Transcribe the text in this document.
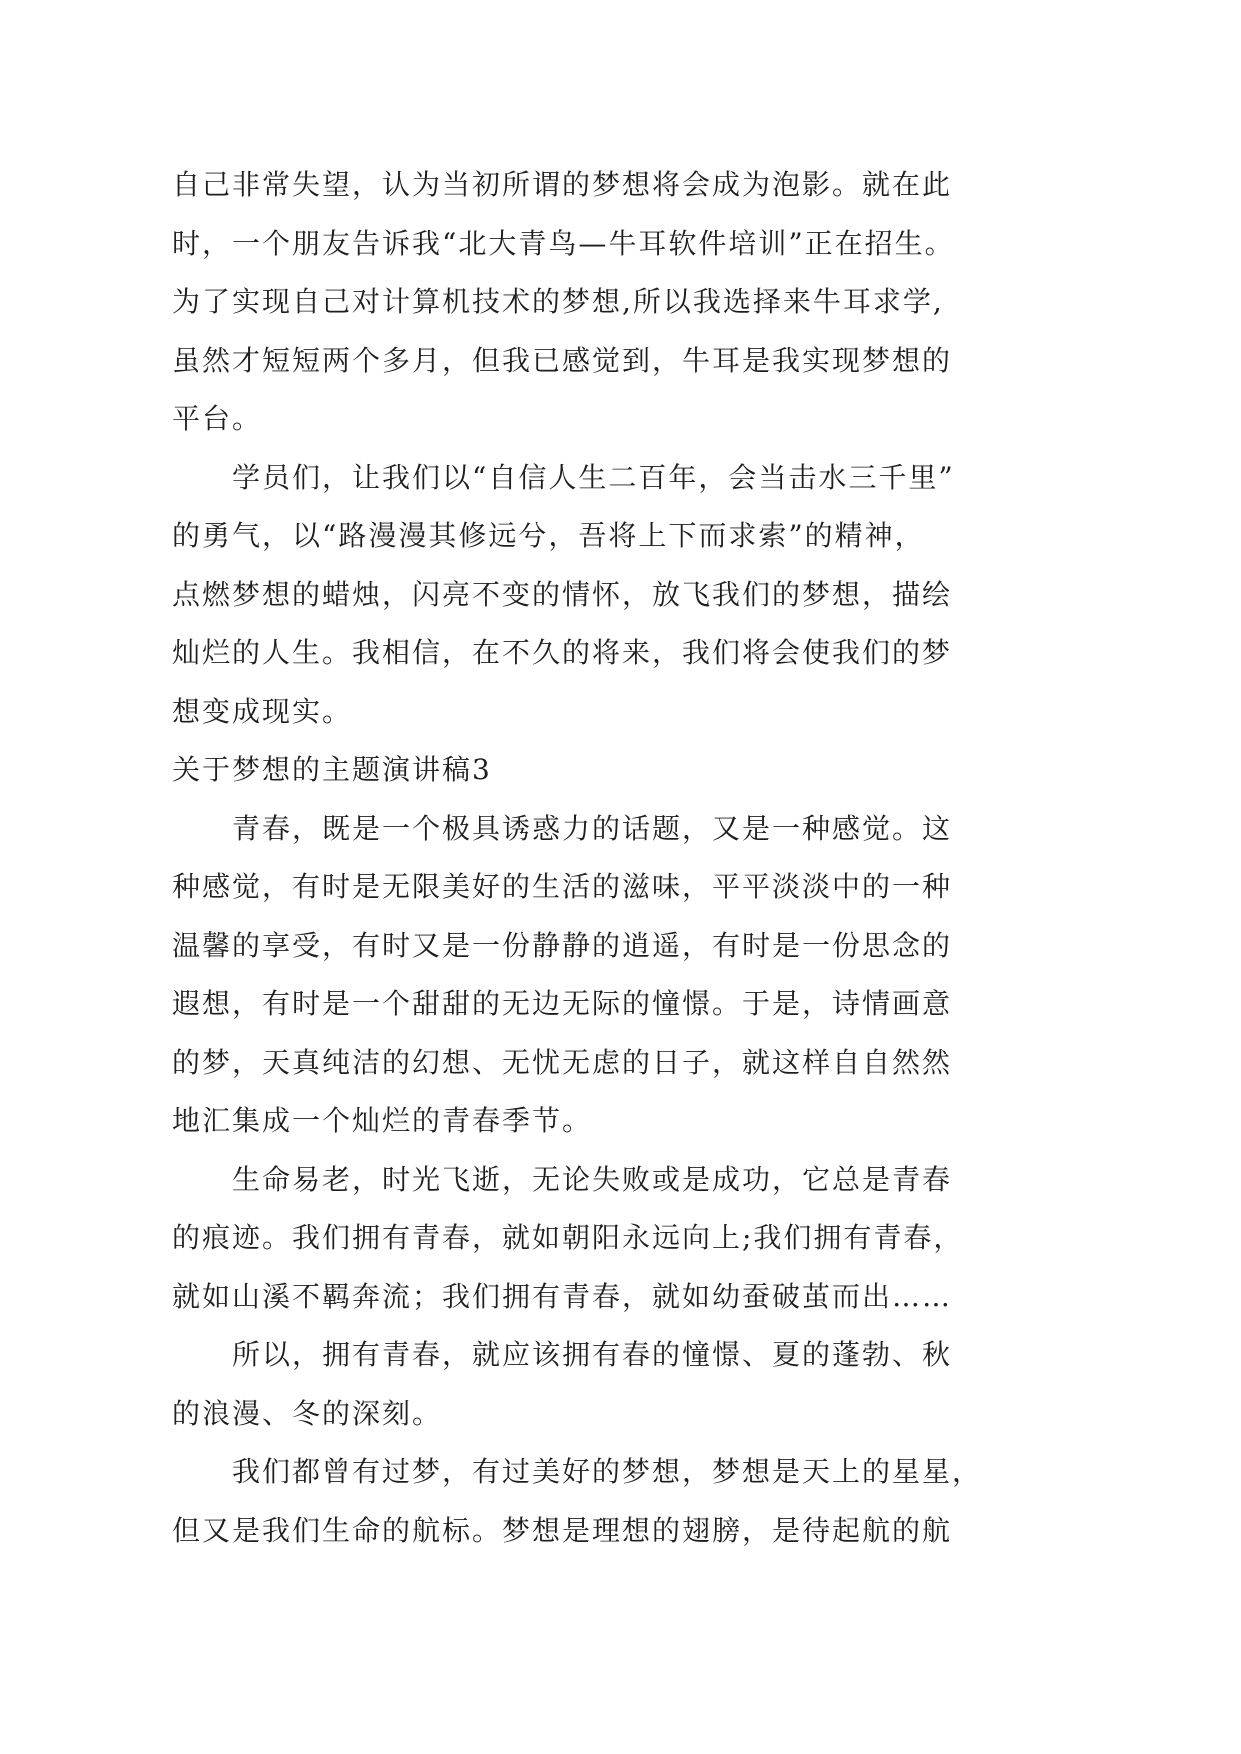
自己非常失望，认为当初所谓的梦想将会成为泡影。就在此
时，一个朋友告诉我“北大青鸟—牛耳软件培训”正在招生。
为了实现自己对计算机技术的梦想,所以我选择来牛耳求学,
虽然才短短两个多月，但我已感觉到，牛耳是我实现梦想的
平台。
学员们，让我们以“自信人生二百年，会当击水三千里”
的勇气，以“路漫漫其修远兮，吾将上下而求索”的精神，
点燃梦想的蜡烛，闪亮不变的情怀，放飞我们的梦想，描绘
灿烂的人生。我相信，在不久的将来，我们将会使我们的梦
想变成现实。
关于梦想的主题演讲稿3
青春，既是一个极具诱惑力的话题，又是一种感觉。这
种感觉，有时是无限美好的生活的滋味，平平淡淡中的一种
温馨的享受，有时又是一份静静的逍遥，有时是一份思念的
遐想，有时是一个甜甜的无边无际的憧憬。于是，诗情画意
的梦，天真纯洁的幻想、无忧无虑的日子，就这样自自然然
地汇集成一个灿烂的青春季节。
生命易老，时光飞逝，无论失败或是成功，它总是青春
的痕迹。我们拥有青春，就如朝阳永远向上;我们拥有青春，
就如山溪不羁奔流；我们拥有青春，就如幼蚕破茧而出……
所以，拥有青春，就应该拥有春的憧憬、夏的蓬勃、秋
的浪漫、冬的深刻。
我们都曾有过梦，有过美好的梦想，梦想是天上的星星，
但又是我们生命的航标。梦想是理想的翅膀，是待起航的航
